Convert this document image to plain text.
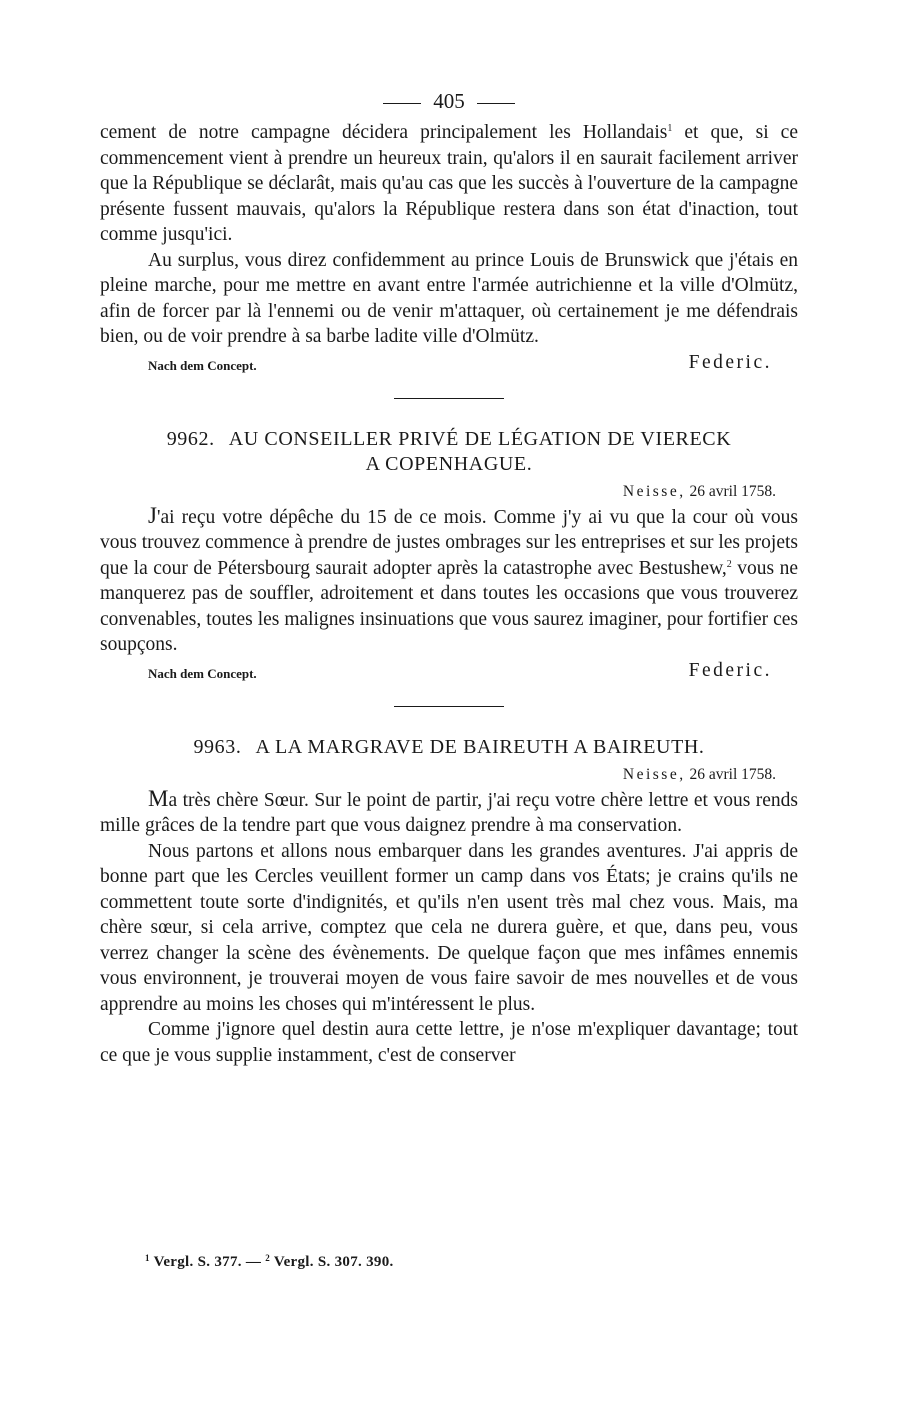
405

cement de notre campagne décidera principalement les Hollandais$^1$ et que, si ce commencement vient à prendre un heureux train, qu'alors il en saurait facilement arriver que la République se déclarât, mais qu'au cas que les succès à l'ouverture de la campagne présente fussent mauvais, qu'alors la République restera dans son état d'inaction, tout comme jusqu'ici.

Au surplus, vous direz confidemment au prince Louis de Brunswick que j'étais en pleine marche, pour me mettre en avant entre l'armée autrichienne et la ville d'Olmütz, afin de forcer par là l'ennemi ou de venir m'attaquer, où certainement je me défendrais bien, ou de voir prendre à sa barbe ladite ville d'Olmütz.

Nach dem Concept.	Federic.
9962. AU CONSEILLER PRIVÉ DE LÉGATION DE VIERECK
A COPENHAGUE.
Neisse, 26 avril 1758.

J'ai reçu votre dépêche du 15 de ce mois. Comme j'y ai vu que la cour où vous vous trouvez commence à prendre de justes ombrages sur les entreprises et sur les projets que la cour de Pétersbourg saurait adopter après la catastrophe avec Bestushew,$^2$ vous ne manquerez pas de souffler, adroitement et dans toutes les occasions que vous trouverez convenables, toutes les malignes insinuations que vous saurez imaginer, pour fortifier ces soupçons.

Nach dem Concept.	Federic.
9963. A LA MARGRAVE DE BAIREUTH A BAIREUTH.
Neisse, 26 avril 1758.

Ma très chère Sœur. Sur le point de partir, j'ai reçu votre chère lettre et vous rends mille grâces de la tendre part que vous daignez prendre à ma conservation.

Nous partons et allons nous embarquer dans les grandes aventures. J'ai appris de bonne part que les Cercles veuillent former un camp dans vos États; je crains qu'ils ne commettent toute sorte d'indignités, et qu'ils n'en usent très mal chez vous. Mais, ma chère sœur, si cela arrive, comptez que cela ne durera guère, et que, dans peu, vous verrez changer la scène des évènements. De quelque façon que mes infâmes ennemis vous environnent, je trouverai moyen de vous faire savoir de mes nouvelles et de vous apprendre au moins les choses qui m'intéressent le plus.

Comme j'ignore quel destin aura cette lettre, je n'ose m'expliquer davantage; tout ce que je vous supplie instamment, c'est de conserver

$^1$ Vergl. S. 377. — $^2$ Vergl. S. 307. 390.
